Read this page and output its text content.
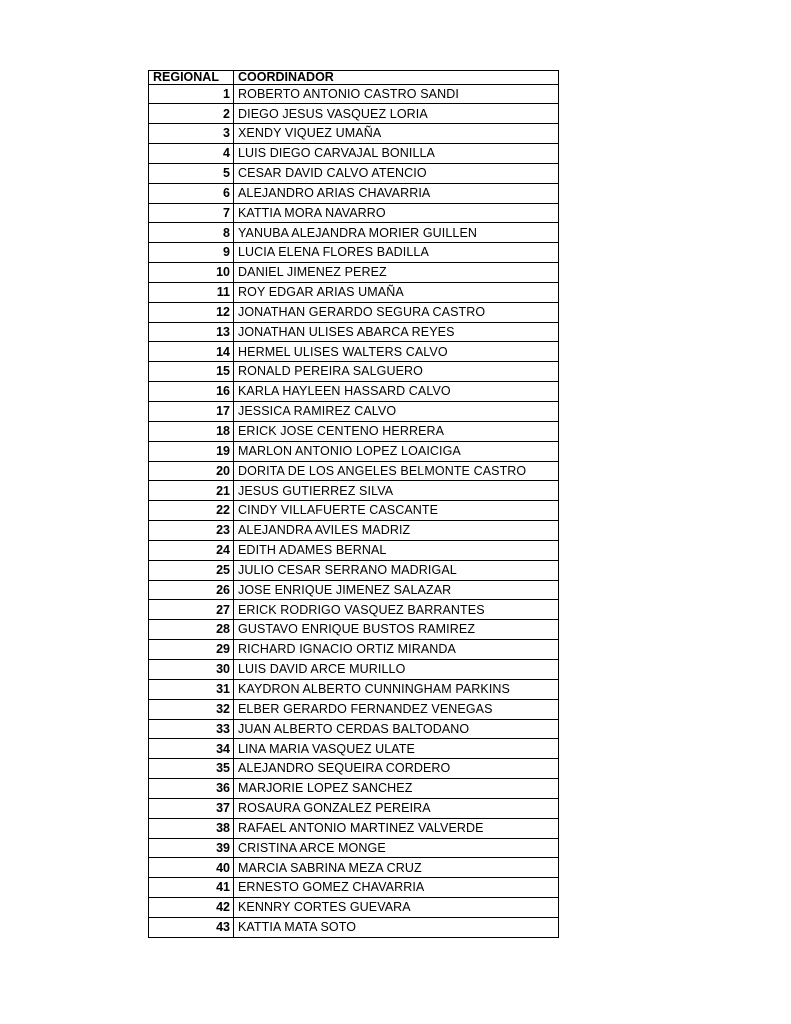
REGIONAL	COORDINADOR
1	ROBERTO ANTONIO CASTRO SANDI
2	DIEGO JESUS VASQUEZ LORIA
3	XENDY VIQUEZ UMAÑA
4	LUIS DIEGO CARVAJAL BONILLA
5	CESAR DAVID CALVO ATENCIO
6	ALEJANDRO ARIAS CHAVARRIA
7	KATTIA MORA NAVARRO
8	YANUBA ALEJANDRA MORIER GUILLEN
9	LUCIA ELENA FLORES BADILLA
10	DANIEL JIMENEZ PEREZ
11	ROY EDGAR ARIAS UMAÑA
12	JONATHAN GERARDO SEGURA CASTRO
13	JONATHAN ULISES ABARCA REYES
14	HERMEL ULISES WALTERS CALVO
15	RONALD PEREIRA SALGUERO
16	KARLA HAYLEEN HASSARD CALVO
17	JESSICA RAMIREZ CALVO
18	ERICK JOSE CENTENO HERRERA
19	MARLON ANTONIO LOPEZ LOAICIGA
20	DORITA DE LOS ANGELES BELMONTE CASTRO
21	JESUS GUTIERREZ SILVA
22	CINDY VILLAFUERTE CASCANTE
23	ALEJANDRA AVILES MADRIZ
24	EDITH ADAMES BERNAL
25	JULIO CESAR SERRANO MADRIGAL
26	JOSE ENRIQUE JIMENEZ SALAZAR
27	ERICK RODRIGO VASQUEZ BARRANTES
28	GUSTAVO ENRIQUE BUSTOS RAMIREZ
29	RICHARD IGNACIO ORTIZ MIRANDA
30	LUIS DAVID ARCE MURILLO
31	KAYDRON ALBERTO CUNNINGHAM PARKINS
32	ELBER GERARDO FERNANDEZ VENEGAS
33	JUAN ALBERTO CERDAS BALTODANO
34	LINA MARIA VASQUEZ ULATE
35	ALEJANDRO SEQUEIRA CORDERO
36	MARJORIE LOPEZ SANCHEZ
37	ROSAURA GONZALEZ PEREIRA
38	RAFAEL ANTONIO MARTINEZ VALVERDE
39	CRISTINA ARCE MONGE
40	MARCIA SABRINA MEZA CRUZ
41	ERNESTO GOMEZ CHAVARRIA
42	KENNRY CORTES GUEVARA
43	KATTIA MATA SOTO
